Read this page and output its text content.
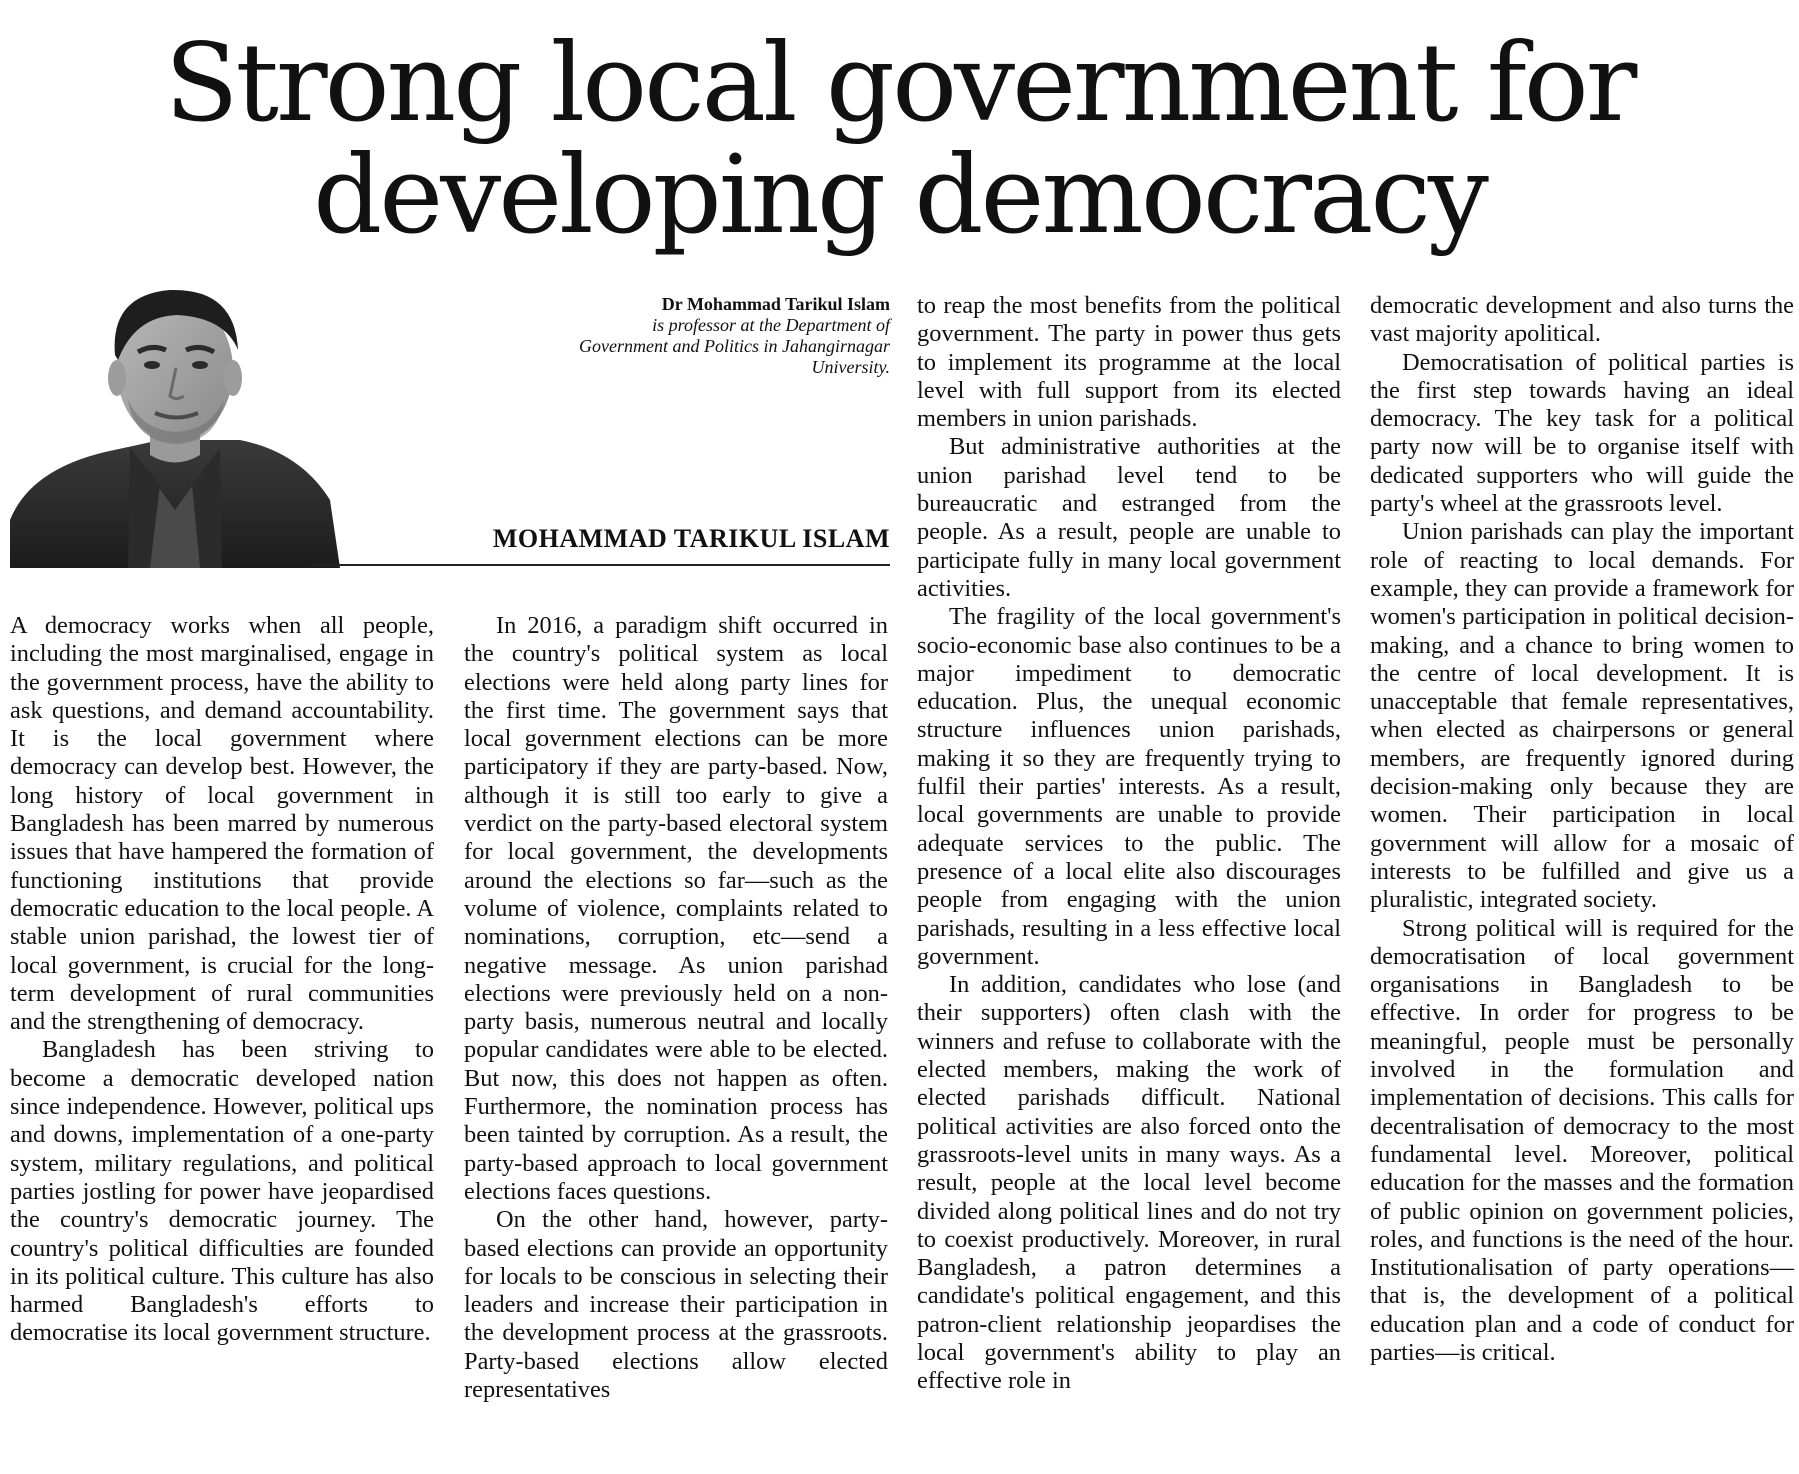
Strong local government for
developing democracy
Dr Mohammad Tarikul Islam
is professor at the Department of Government and Politics in Jahangirnagar University.
MOHAMMAD TARIKUL ISLAM

A democracy works when all people, including the most marginalised, engage in the government process, have the ability to ask questions, and demand accountability. It is the local government where democracy can develop best. However, the long history of local government in Bangladesh has been marred by numerous issues that have hampered the formation of functioning institutions that provide democratic education to the local people. A stable union parishad, the lowest tier of local government, is crucial for the long-term development of rural communities and the strengthening of democracy.

Bangladesh has been striving to become a democratic developed nation since independence. However, political ups and downs, implementation of a one-party system, military regulations, and political parties jostling for power have jeopardised the country's democratic journey. The country's political difficulties are founded in its political culture. This culture has also harmed Bangladesh's efforts to democratise its local government structure.

In 2016, a paradigm shift occurred in the country's political system as local elections were held along party lines for the first time. The government says that local government elections can be more participatory if they are party-based. Now, although it is still too early to give a verdict on the party-based electoral system for local government, the developments around the elections so far—such as the volume of violence, complaints related to nominations, corruption, etc—send a negative message. As union parishad elections were previously held on a non-party basis, numerous neutral and locally popular candidates were able to be elected. But now, this does not happen as often. Furthermore, the nomination process has been tainted by corruption. As a result, the party-based approach to local government elections faces questions.

On the other hand, however, party-based elections can provide an opportunity for locals to be conscious in selecting their leaders and increase their participation in the development process at the grassroots. Party-based elections allow elected representatives

to reap the most benefits from the political government. The party in power thus gets to implement its programme at the local level with full support from its elected members in union parishads.

But administrative authorities at the union parishad level tend to be bureaucratic and estranged from the people. As a result, people are unable to participate fully in many local government activities.

The fragility of the local government's socio-economic base also continues to be a major impediment to democratic education. Plus, the unequal economic structure influences union parishads, making it so they are frequently trying to fulfil their parties' interests. As a result, local governments are unable to provide adequate services to the public. The presence of a local elite also discourages people from engaging with the union parishads, resulting in a less effective local government.

In addition, candidates who lose (and their supporters) often clash with the winners and refuse to collaborate with the elected members, making the work of elected parishads difficult. National political activities are also forced onto the grassroots-level units in many ways. As a result, people at the local level become divided along political lines and do not try to coexist productively. Moreover, in rural Bangladesh, a patron determines a candidate's political engagement, and this patron-client relationship jeopardises the local government's ability to play an effective role in

democratic development and also turns the vast majority apolitical.

Democratisation of political parties is the first step towards having an ideal democracy. The key task for a political party now will be to organise itself with dedicated supporters who will guide the party's wheel at the grassroots level.

Union parishads can play the important role of reacting to local demands. For example, they can provide a framework for women's participation in political decision-making, and a chance to bring women to the centre of local development. It is unacceptable that female representatives, when elected as chairpersons or general members, are frequently ignored during decision-making only because they are women. Their participation in local government will allow for a mosaic of interests to be fulfilled and give us a pluralistic, integrated society.

Strong political will is required for the democratisation of local government organisations in Bangladesh to be effective. In order for progress to be meaningful, people must be personally involved in the formulation and implementation of decisions. This calls for decentralisation of democracy to the most fundamental level. Moreover, political education for the masses and the formation of public opinion on government policies, roles, and functions is the need of the hour. Institutionalisation of party operations—that is, the development of a political education plan and a code of conduct for parties—is critical.
